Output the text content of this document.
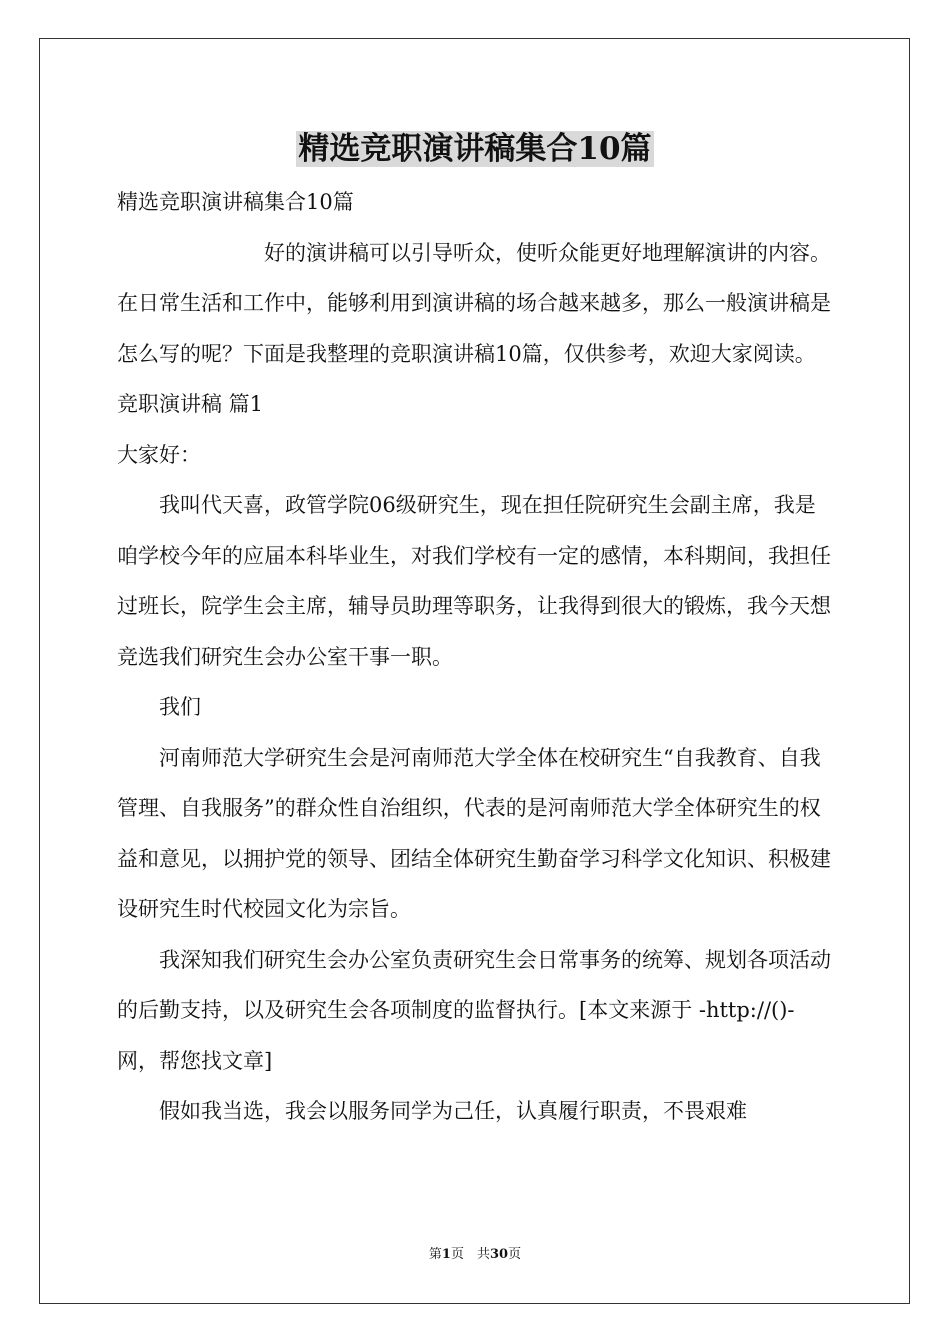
精选竞职演讲稿集合10篇

精选竞职演讲稿集合10篇

好的演讲稿可以引导听众，使听众能更好地理解演讲的内容。在日常生活和工作中，能够利用到演讲稿的场合越来越多，那么一般演讲稿是怎么写的呢？下面是我整理的竞职演讲稿10篇，仅供参考，欢迎大家阅读。

竞职演讲稿 篇1

大家好：

我叫代天喜，政管学院06级研究生，现在担任院研究生会副主席，我是咱学校今年的应届本科毕业生，对我们学校有一定的感情，本科期间，我担任过班长，院学生会主席，辅导员助理等职务，让我得到很大的锻炼，我今天想竞选我们研究生会办公室干事一职。

我们

河南师范大学研究生会是河南师范大学全体在校研究生“自我教育、自我管理、自我服务”的群众性自治组织，代表的是河南师范大学全体研究生的权益和意见，以拥护党的领导、团结全体研究生勤奋学习科学文化知识、积极建设研究生时代校园文化为宗旨。

我深知我们研究生会办公室负责研究生会日常事务的统筹、规划各项活动的后勤支持，以及研究生会各项制度的监督执行。[本文来源于 -http://()-网，帮您找文章]

假如我当选，我会以服务同学为己任，认真履行职责，不畏艰难

第1页　共30页
